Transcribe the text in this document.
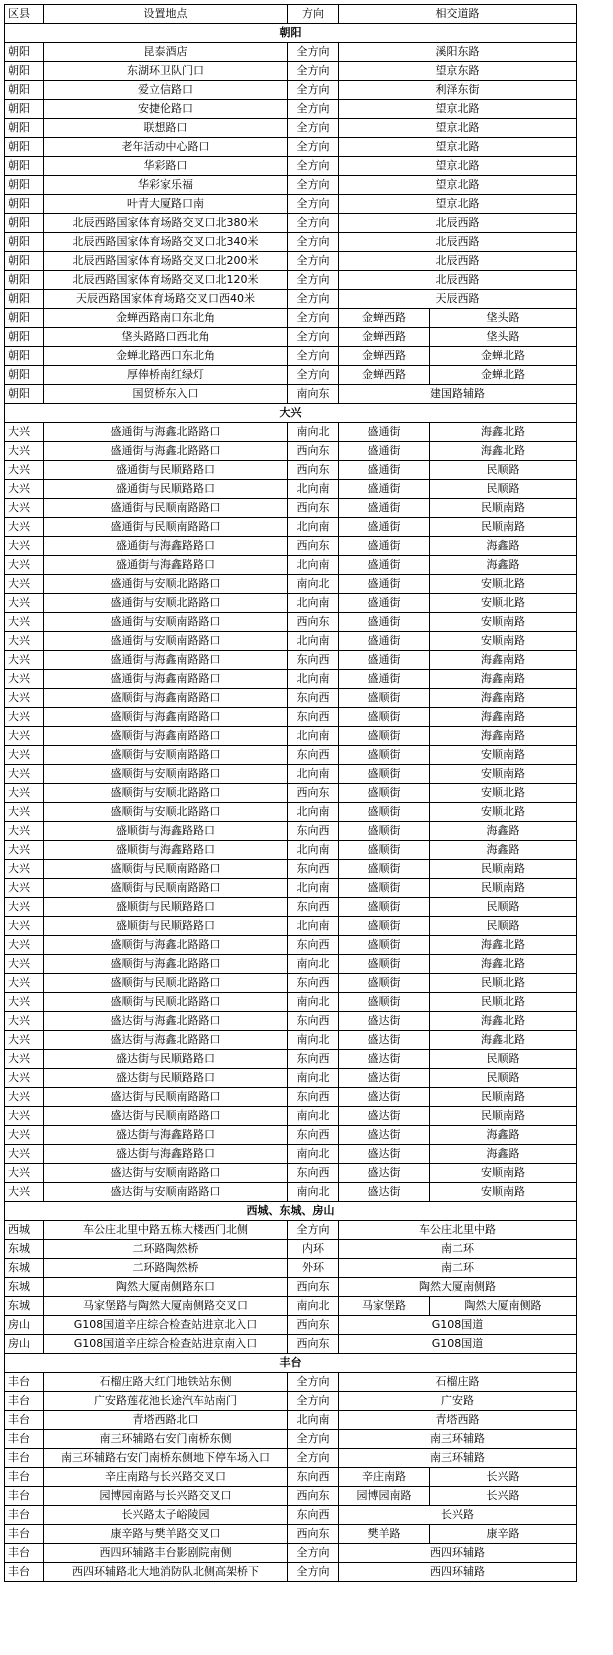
区县	设置地点	方向	相交道路	
朝阳				
朝阳	昆泰酒店	全方向	溪阳东路	
朝阳	东湖环卫队门口	全方向	望京东路	
朝阳	爱立信路口	全方向	利泽东街	
朝阳	安捷伦路口	全方向	望京北路	
朝阳	联想路口	全方向	望京北路	
朝阳	老年活动中心路口	全方向	望京北路	
朝阳	华彩路口	全方向	望京北路	
朝阳	华彩家乐福	全方向	望京北路	
朝阳	叶青大厦路口南	全方向	望京北路	
朝阳	北辰西路国家体育场路交叉口北380米	全方向	北辰西路	
朝阳	北辰西路国家体育场路交叉口北340米	全方向	北辰西路	
朝阳	北辰西路国家体育场路交叉口北200米	全方向	北辰西路	
朝阳	北辰西路国家体育场路交叉口北120米	全方向	北辰西路	
朝阳	天辰西路国家体育场路交叉口西40米	全方向	天辰西路	
朝阳	金蝉西路南口东北角	全方向	金蝉西路	垡头路
朝阳	垡头路路口西北角	全方向	金蝉西路	垡头路
朝阳	金蝉北路西口东北角	全方向	金蝉西路	金蝉北路
朝阳	厚俸桥南红绿灯	全方向	金蝉西路	金蝉北路
朝阳	国贸桥东入口	南向东	建国路辅路	
大兴				
大兴	盛通街与海鑫北路路口	南向北	盛通街	海鑫北路
大兴	盛通街与海鑫北路路口	西向东	盛通街	海鑫北路
大兴	盛通街与民顺路路口	西向东	盛通街	民顺路
大兴	盛通街与民顺路路口	北向南	盛通街	民顺路
大兴	盛通街与民顺南路路口	西向东	盛通街	民顺南路
大兴	盛通街与民顺南路路口	北向南	盛通街	民顺南路
大兴	盛通街与海鑫路路口	西向东	盛通街	海鑫路
大兴	盛通街与海鑫路路口	北向南	盛通街	海鑫路
大兴	盛通街与安顺北路路口	南向北	盛通街	安顺北路
大兴	盛通街与安顺北路路口	北向南	盛通街	安顺北路
大兴	盛通街与安顺南路路口	西向东	盛通街	安顺南路
大兴	盛通街与安顺南路路口	北向南	盛通街	安顺南路
大兴	盛通街与海鑫南路路口	东向西	盛通街	海鑫南路
大兴	盛通街与海鑫南路路口	北向南	盛通街	海鑫南路
大兴	盛顺街与海鑫南路路口	东向西	盛顺街	海鑫南路
大兴	盛顺街与海鑫南路路口	东向西	盛顺街	海鑫南路
大兴	盛顺街与海鑫南路路口	北向南	盛顺街	海鑫南路
大兴	盛顺街与安顺南路路口	东向西	盛顺街	安顺南路
大兴	盛顺街与安顺南路路口	北向南	盛顺街	安顺南路
大兴	盛顺街与安顺北路路口	西向东	盛顺街	安顺北路
大兴	盛顺街与安顺北路路口	北向南	盛顺街	安顺北路
大兴	盛顺街与海鑫路路口	东向西	盛顺街	海鑫路
大兴	盛顺街与海鑫路路口	北向南	盛顺街	海鑫路
大兴	盛顺街与民顺南路路口	东向西	盛顺街	民顺南路
大兴	盛顺街与民顺南路路口	北向南	盛顺街	民顺南路
大兴	盛顺街与民顺路路口	东向西	盛顺街	民顺路
大兴	盛顺街与民顺路路口	北向南	盛顺街	民顺路
大兴	盛顺街与海鑫北路路口	东向西	盛顺街	海鑫北路
大兴	盛顺街与海鑫北路路口	南向北	盛顺街	海鑫北路
大兴	盛顺街与民顺北路路口	东向西	盛顺街	民顺北路
大兴	盛顺街与民顺北路路口	南向北	盛顺街	民顺北路
大兴	盛达街与海鑫北路路口	东向西	盛达街	海鑫北路
大兴	盛达街与海鑫北路路口	南向北	盛达街	海鑫北路
大兴	盛达街与民顺路路口	东向西	盛达街	民顺路
大兴	盛达街与民顺路路口	南向北	盛达街	民顺路
大兴	盛达街与民顺南路路口	东向西	盛达街	民顺南路
大兴	盛达街与民顺南路路口	南向北	盛达街	民顺南路
大兴	盛达街与海鑫路路口	东向西	盛达街	海鑫路
大兴	盛达街与海鑫路路口	南向北	盛达街	海鑫路
大兴	盛达街与安顺南路路口	东向西	盛达街	安顺南路
大兴	盛达街与安顺南路路口	南向北	盛达街	安顺南路
西城、东城、房山				
西城	车公庄北里中路五栋大楼西门北侧	全方向	车公庄北里中路	
东城	二环路陶然桥	内环	南二环	
东城	二环路陶然桥	外环	南二环	
东城	陶然大厦南侧路东口	西向东	陶然大厦南侧路	
东城	马家堡路与陶然大厦南侧路交叉口	南向北	马家堡路	陶然大厦南侧路
房山	G108国道辛庄综合检查站进京北入口	西向东	G108国道	
房山	G108国道辛庄综合检查站进京南入口	西向东	G108国道	
丰台				
丰台	石榴庄路大红门地铁站东侧	全方向	石榴庄路	
丰台	广安路莲花池长途汽车站南门	全方向	广安路	
丰台	青塔西路北口	北向南	青塔西路	
丰台	南三环辅路右安门南桥东侧	全方向	南三环辅路	
丰台	南三环辅路右安门南桥东侧地下停车场入口	全方向	南三环辅路	
丰台	辛庄南路与长兴路交叉口	东向西	辛庄南路	长兴路
丰台	园博园南路与长兴路交叉口	西向东	园博园南路	长兴路
丰台	长兴路太子峪陵园	东向西	长兴路	
丰台	康辛路与樊羊路交叉口	西向东	樊羊路	康辛路
丰台	西四环辅路丰台影剧院南侧	全方向	西四环辅路	
丰台	西四环辅路北大地消防队北侧高架桥下	全方向	西四环辅路	
